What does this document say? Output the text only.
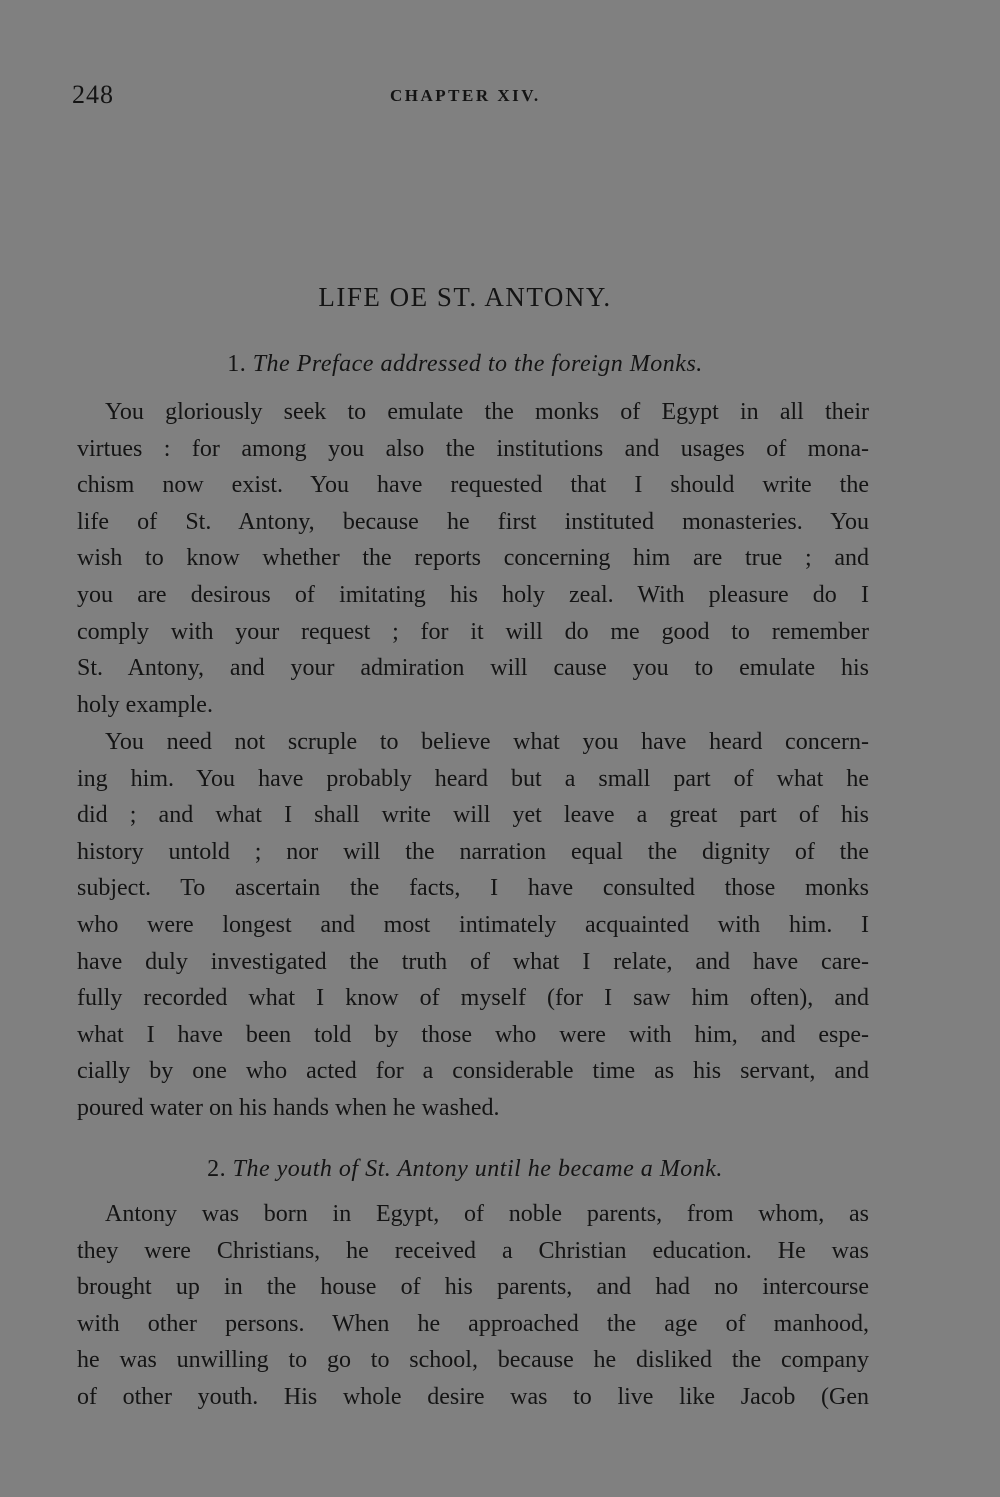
248	CHAPTER XIV.
LIFE OE ST. ANTONY.
1. The Preface addressed to the foreign Monks.
You gloriously seek to emulate the monks of Egypt in all their
virtues : for among you also the institutions and usages of mona-
chism now exist. You have requested that I should write the
life of St. Antony, because he first instituted monasteries. You
wish to know whether the reports concerning him are true ; and
you are desirous of imitating his holy zeal. With pleasure do I
comply with your request ; for it will do me good to remember
St. Antony, and your admiration will cause you to emulate his
holy example.
You need not scruple to believe what you have heard concern-
ing him. You have probably heard but a small part of what he
did ; and what I shall write will yet leave a great part of his
history untold ; nor will the narration equal the dignity of the
subject. To ascertain the facts, I have consulted those monks
who were longest and most intimately acquainted with him. I
have duly investigated the truth of what I relate, and have care-
fully recorded what I know of myself (for I saw him often), and
what I have been told by those who were with him, and espe-
cially by one who acted for a considerable time as his servant, and
poured water on his hands when he washed.
2. The youth of St. Antony until he became a Monk.
Antony was born in Egypt, of noble parents, from whom, as
they were Christians, he received a Christian education. He was
brought up in the house of his parents, and had no intercourse
with other persons. When he approached the age of manhood,
he was unwilling to go to school, because he disliked the company
of other youth. His whole desire was to live like Jacob (Gen
